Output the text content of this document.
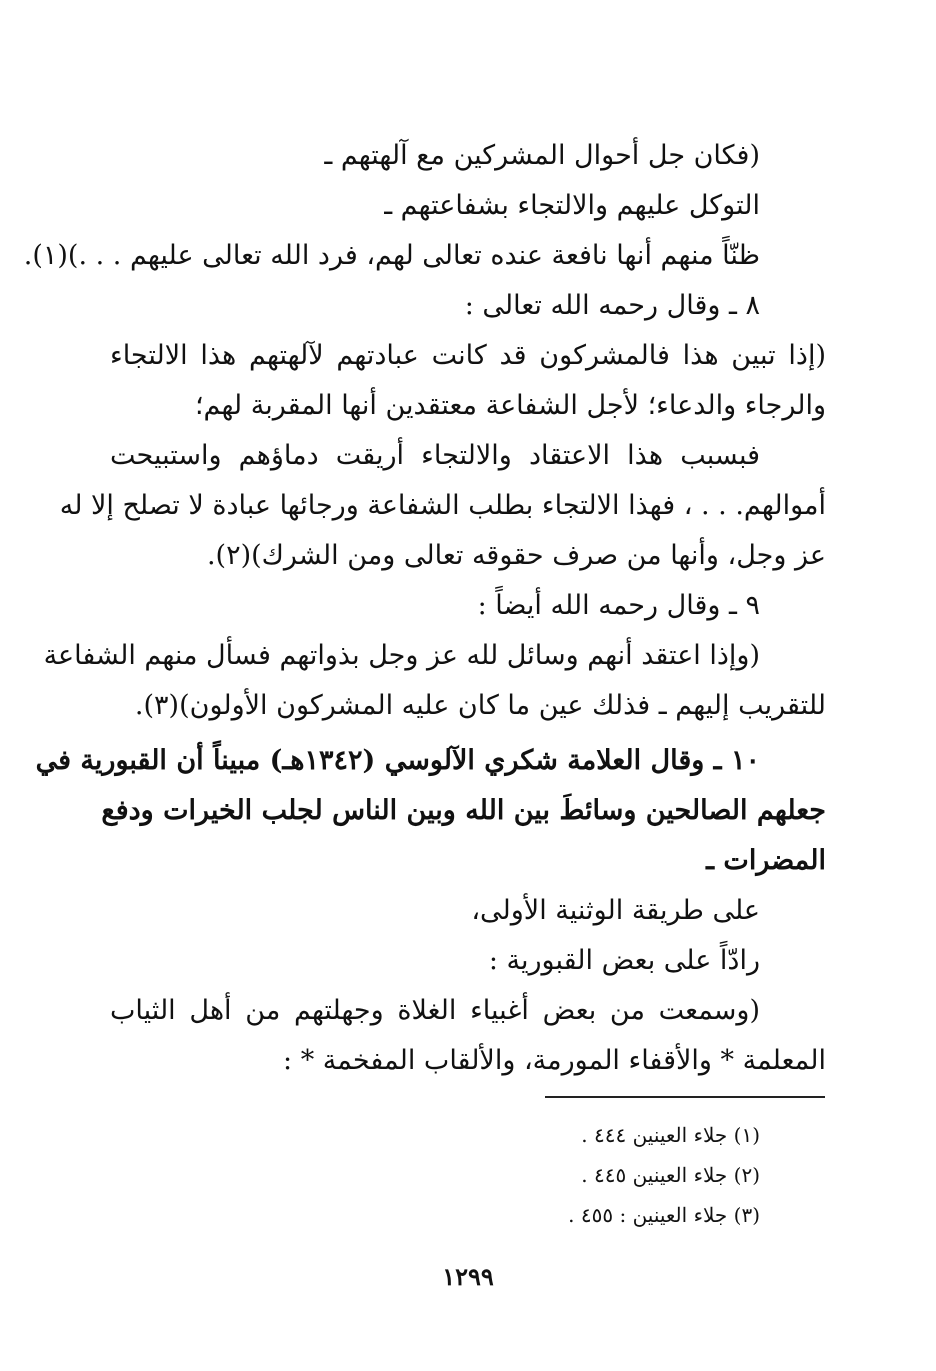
(فكان جل أحوال المشركين مع آلهتهم ـ
التوكل عليهم والالتجاء بشفاعتهم ـ
ظنّاً منهم أنها نافعة عنده تعالى لهم، فرد الله تعالى عليهم . . .)(١).
٨ ـ وقال رحمه الله تعالى :
(إذا تبين هذا فالمشركون قد كانت عبادتهم لآلهتهم هذا الالتجاء
والرجاء والدعاء؛ لأجل الشفاعة معتقدين أنها المقربة لهم؛
فبسبب هذا الاعتقاد والالتجاء أريقت دماؤهم واستبيحت
أموالهم. . . ، فهذا الالتجاء بطلب الشفاعة ورجائها عبادة لا تصلح إلا له
عز وجل، وأنها من صرف حقوقه تعالى ومن الشرك)(٢).
٩ ـ وقال رحمه الله أيضاً :
(وإذا اعتقد أنهم وسائل لله عز وجل بذواتهم فسأل منهم الشفاعة
للتقريب إليهم ـ فذلك عين ما كان عليه المشركون الأولون)(٣).
١٠ ـ وقال العلامة شكري الآلوسي (١٣٤٢هـ) مبيناً أن القبورية في
جعلهم الصالحين وسائطَ بين الله وبين الناس لجلب الخيرات ودفع
المضرات ـ
على طريقة الوثنية الأولى،
رادّاً على بعض القبورية :
(وسمعت من بعض أغبياء الغلاة وجهلتهم من أهل الثياب
المعلمة * والأقفاء المورمة، والألقاب المفخمة * :
(١) جلاء العينين ٤٤٤ .
(٢) جلاء العينين ٤٤٥ .
(٣) جلاء العينين : ٤٥٥ .
١٢٩٩
